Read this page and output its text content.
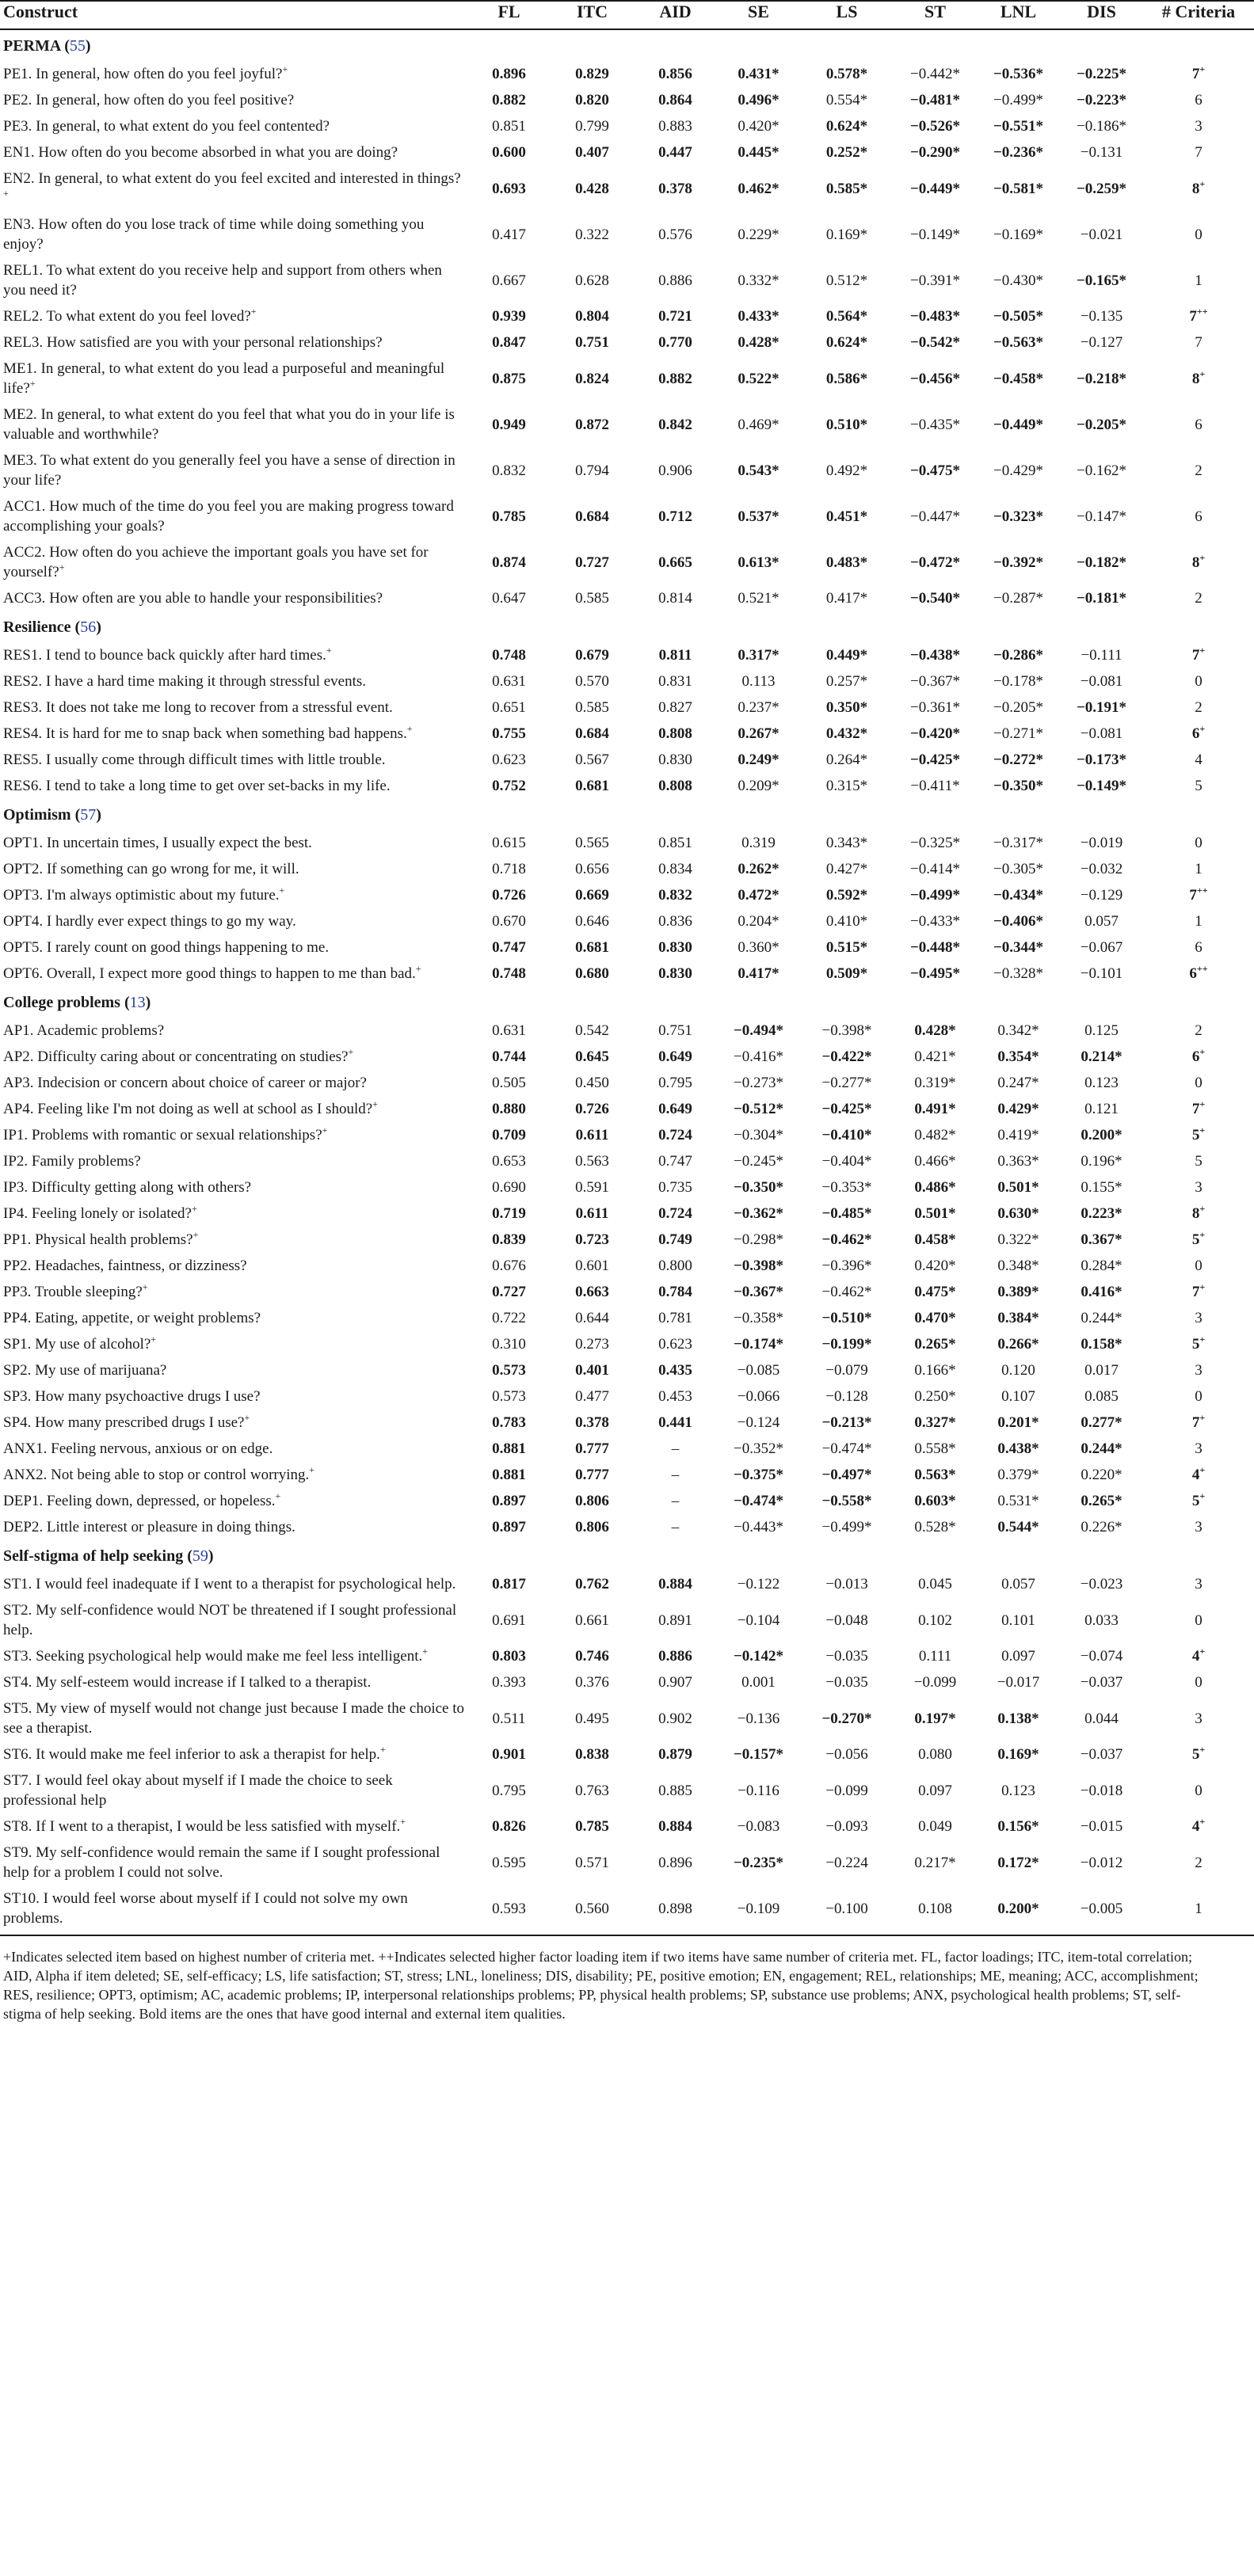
Construct	FL	ITC	AID	SE	LS	ST	LNL	DIS	# Criteria
PERMA (55)									
PE1. In general, how often do you feel joyful?+	0.896	0.829	0.856	0.431*	0.578*	−0.442*	−0.536*	−0.225*	7+
PE2. In general, how often do you feel positive?	0.882	0.820	0.864	0.496*	0.554*	−0.481*	−0.499*	−0.223*	6
PE3. In general, to what extent do you feel contented?	0.851	0.799	0.883	0.420*	0.624*	−0.526*	−0.551*	−0.186*	3
EN1. How often do you become absorbed in what you are doing?	0.600	0.407	0.447	0.445*	0.252*	−0.290*	−0.236*	−0.131	7
EN2. In general, to what extent do you feel excited and interested in things?+	0.693	0.428	0.378	0.462*	0.585*	−0.449*	−0.581*	−0.259*	8+
EN3. How often do you lose track of time while doing something you enjoy?	0.417	0.322	0.576	0.229*	0.169*	−0.149*	−0.169*	−0.021	0
REL1. To what extent do you receive help and support from others when you need it?	0.667	0.628	0.886	0.332*	0.512*	−0.391*	−0.430*	−0.165*	1
REL2. To what extent do you feel loved?+	0.939	0.804	0.721	0.433*	0.564*	−0.483*	−0.505*	−0.135	7++
REL3. How satisfied are you with your personal relationships?	0.847	0.751	0.770	0.428*	0.624*	−0.542*	−0.563*	−0.127	7
ME1. In general, to what extent do you lead a purposeful and meaningful life?+	0.875	0.824	0.882	0.522*	0.586*	−0.456*	−0.458*	−0.218*	8+
ME2. In general, to what extent do you feel that what you do in your life is valuable and worthwhile?	0.949	0.872	0.842	0.469*	0.510*	−0.435*	−0.449*	−0.205*	6
ME3. To what extent do you generally feel you have a sense of direction in your life?	0.832	0.794	0.906	0.543*	0.492*	−0.475*	−0.429*	−0.162*	2
ACC1. How much of the time do you feel you are making progress toward accomplishing your goals?	0.785	0.684	0.712	0.537*	0.451*	−0.447*	−0.323*	−0.147*	6
ACC2. How often do you achieve the important goals you have set for yourself?+	0.874	0.727	0.665	0.613*	0.483*	−0.472*	−0.392*	−0.182*	8+
ACC3. How often are you able to handle your responsibilities?	0.647	0.585	0.814	0.521*	0.417*	−0.540*	−0.287*	−0.181*	2
Resilience (56)									
RES1. I tend to bounce back quickly after hard times.+	0.748	0.679	0.811	0.317*	0.449*	−0.438*	−0.286*	−0.111	7+
RES2. I have a hard time making it through stressful events.	0.631	0.570	0.831	0.113	0.257*	−0.367*	−0.178*	−0.081	0
RES3. It does not take me long to recover from a stressful event.	0.651	0.585	0.827	0.237*	0.350*	−0.361*	−0.205*	−0.191*	2
RES4. It is hard for me to snap back when something bad happens.+	0.755	0.684	0.808	0.267*	0.432*	−0.420*	−0.271*	−0.081	6+
RES5. I usually come through difficult times with little trouble.	0.623	0.567	0.830	0.249*	0.264*	−0.425*	−0.272*	−0.173*	4
RES6. I tend to take a long time to get over set-backs in my life.	0.752	0.681	0.808	0.209*	0.315*	−0.411*	−0.350*	−0.149*	5
Optimism (57)									
OPT1. In uncertain times, I usually expect the best.	0.615	0.565	0.851	0.319	0.343*	−0.325*	−0.317*	−0.019	0
OPT2. If something can go wrong for me, it will.	0.718	0.656	0.834	0.262*	0.427*	−0.414*	−0.305*	−0.032	1
OPT3. I'm always optimistic about my future.+	0.726	0.669	0.832	0.472*	0.592*	−0.499*	−0.434*	−0.129	7++
OPT4. I hardly ever expect things to go my way.	0.670	0.646	0.836	0.204*	0.410*	−0.433*	−0.406*	0.057	1
OPT5. I rarely count on good things happening to me.	0.747	0.681	0.830	0.360*	0.515*	−0.448*	−0.344*	−0.067	6
OPT6. Overall, I expect more good things to happen to me than bad.+	0.748	0.680	0.830	0.417*	0.509*	−0.495*	−0.328*	−0.101	6++
College problems (13)									
AP1. Academic problems?	0.631	0.542	0.751	−0.494*	−0.398*	0.428*	0.342*	0.125	2
AP2. Difficulty caring about or concentrating on studies?+	0.744	0.645	0.649	−0.416*	−0.422*	0.421*	0.354*	0.214*	6+
AP3. Indecision or concern about choice of career or major?	0.505	0.450	0.795	−0.273*	−0.277*	0.319*	0.247*	0.123	0
AP4. Feeling like I'm not doing as well at school as I should?+	0.880	0.726	0.649	−0.512*	−0.425*	0.491*	0.429*	0.121	7+
IP1. Problems with romantic or sexual relationships?+	0.709	0.611	0.724	−0.304*	−0.410*	0.482*	0.419*	0.200*	5+
IP2. Family problems?	0.653	0.563	0.747	−0.245*	−0.404*	0.466*	0.363*	0.196*	5
IP3. Difficulty getting along with others?	0.690	0.591	0.735	−0.350*	−0.353*	0.486*	0.501*	0.155*	3
IP4. Feeling lonely or isolated?+	0.719	0.611	0.724	−0.362*	−0.485*	0.501*	0.630*	0.223*	8+
PP1. Physical health problems?+	0.839	0.723	0.749	−0.298*	−0.462*	0.458*	0.322*	0.367*	5+
PP2. Headaches, faintness, or dizziness?	0.676	0.601	0.800	−0.398*	−0.396*	0.420*	0.348*	0.284*	0
PP3. Trouble sleeping?+	0.727	0.663	0.784	−0.367*	−0.462*	0.475*	0.389*	0.416*	7+
PP4. Eating, appetite, or weight problems?	0.722	0.644	0.781	−0.358*	−0.510*	0.470*	0.384*	0.244*	3
SP1. My use of alcohol?+	0.310	0.273	0.623	−0.174*	−0.199*	0.265*	0.266*	0.158*	5+
SP2. My use of marijuana?	0.573	0.401	0.435	−0.085	−0.079	0.166*	0.120	0.017	3
SP3. How many psychoactive drugs I use?	0.573	0.477	0.453	−0.066	−0.128	0.250*	0.107	0.085	0
SP4. How many prescribed drugs I use?+	0.783	0.378	0.441	−0.124	−0.213*	0.327*	0.201*	0.277*	7+
ANX1. Feeling nervous, anxious or on edge.	0.881	0.777	–	−0.352*	−0.474*	0.558*	0.438*	0.244*	3
ANX2. Not being able to stop or control worrying.+	0.881	0.777	–	−0.375*	−0.497*	0.563*	0.379*	0.220*	4+
DEP1. Feeling down, depressed, or hopeless.+	0.897	0.806	–	−0.474*	−0.558*	0.603*	0.531*	0.265*	5+
DEP2. Little interest or pleasure in doing things.	0.897	0.806	–	−0.443*	−0.499*	0.528*	0.544*	0.226*	3
Self-stigma of help seeking (59)									
ST1. I would feel inadequate if I went to a therapist for psychological help.	0.817	0.762	0.884	−0.122	−0.013	0.045	0.057	−0.023	3
ST2. My self-confidence would NOT be threatened if I sought professional help.	0.691	0.661	0.891	−0.104	−0.048	0.102	0.101	0.033	0
ST3. Seeking psychological help would make me feel less intelligent.+	0.803	0.746	0.886	−0.142*	−0.035	0.111	0.097	−0.074	4+
ST4. My self-esteem would increase if I talked to a therapist.	0.393	0.376	0.907	0.001	−0.035	−0.099	−0.017	−0.037	0
ST5. My view of myself would not change just because I made the choice to see a therapist.	0.511	0.495	0.902	−0.136	−0.270*	0.197*	0.138*	0.044	3
ST6. It would make me feel inferior to ask a therapist for help.+	0.901	0.838	0.879	−0.157*	−0.056	0.080	0.169*	−0.037	5+
ST7. I would feel okay about myself if I made the choice to seek professional help	0.795	0.763	0.885	−0.116	−0.099	0.097	0.123	−0.018	0
ST8. If I went to a therapist, I would be less satisfied with myself.+	0.826	0.785	0.884	−0.083	−0.093	0.049	0.156*	−0.015	4+
ST9. My self-confidence would remain the same if I sought professional help for a problem I could not solve.	0.595	0.571	0.896	−0.235*	−0.224	0.217*	0.172*	−0.012	2
ST10. I would feel worse about myself if I could not solve my own problems.	0.593	0.560	0.898	−0.109	−0.100	0.108	0.200*	−0.005	1
+Indicates selected item based on highest number of criteria met. ++Indicates selected higher factor loading item if two items have same number of criteria met. FL, factor loadings; ITC, item-total correlation; AID, Alpha if item deleted; SE, self-efficacy; LS, life satisfaction; ST, stress; LNL, loneliness; DIS, disability; PE, positive emotion; EN, engagement; REL, relationships; ME, meaning; ACC, accomplishment; RES, resilience; OPT3, optimism; AC, academic problems; IP, interpersonal relationships problems; PP, physical health problems; SP, substance use problems; ANX, psychological health problems; ST, self-stigma of help seeking. Bold items are the ones that have good internal and external item qualities.
